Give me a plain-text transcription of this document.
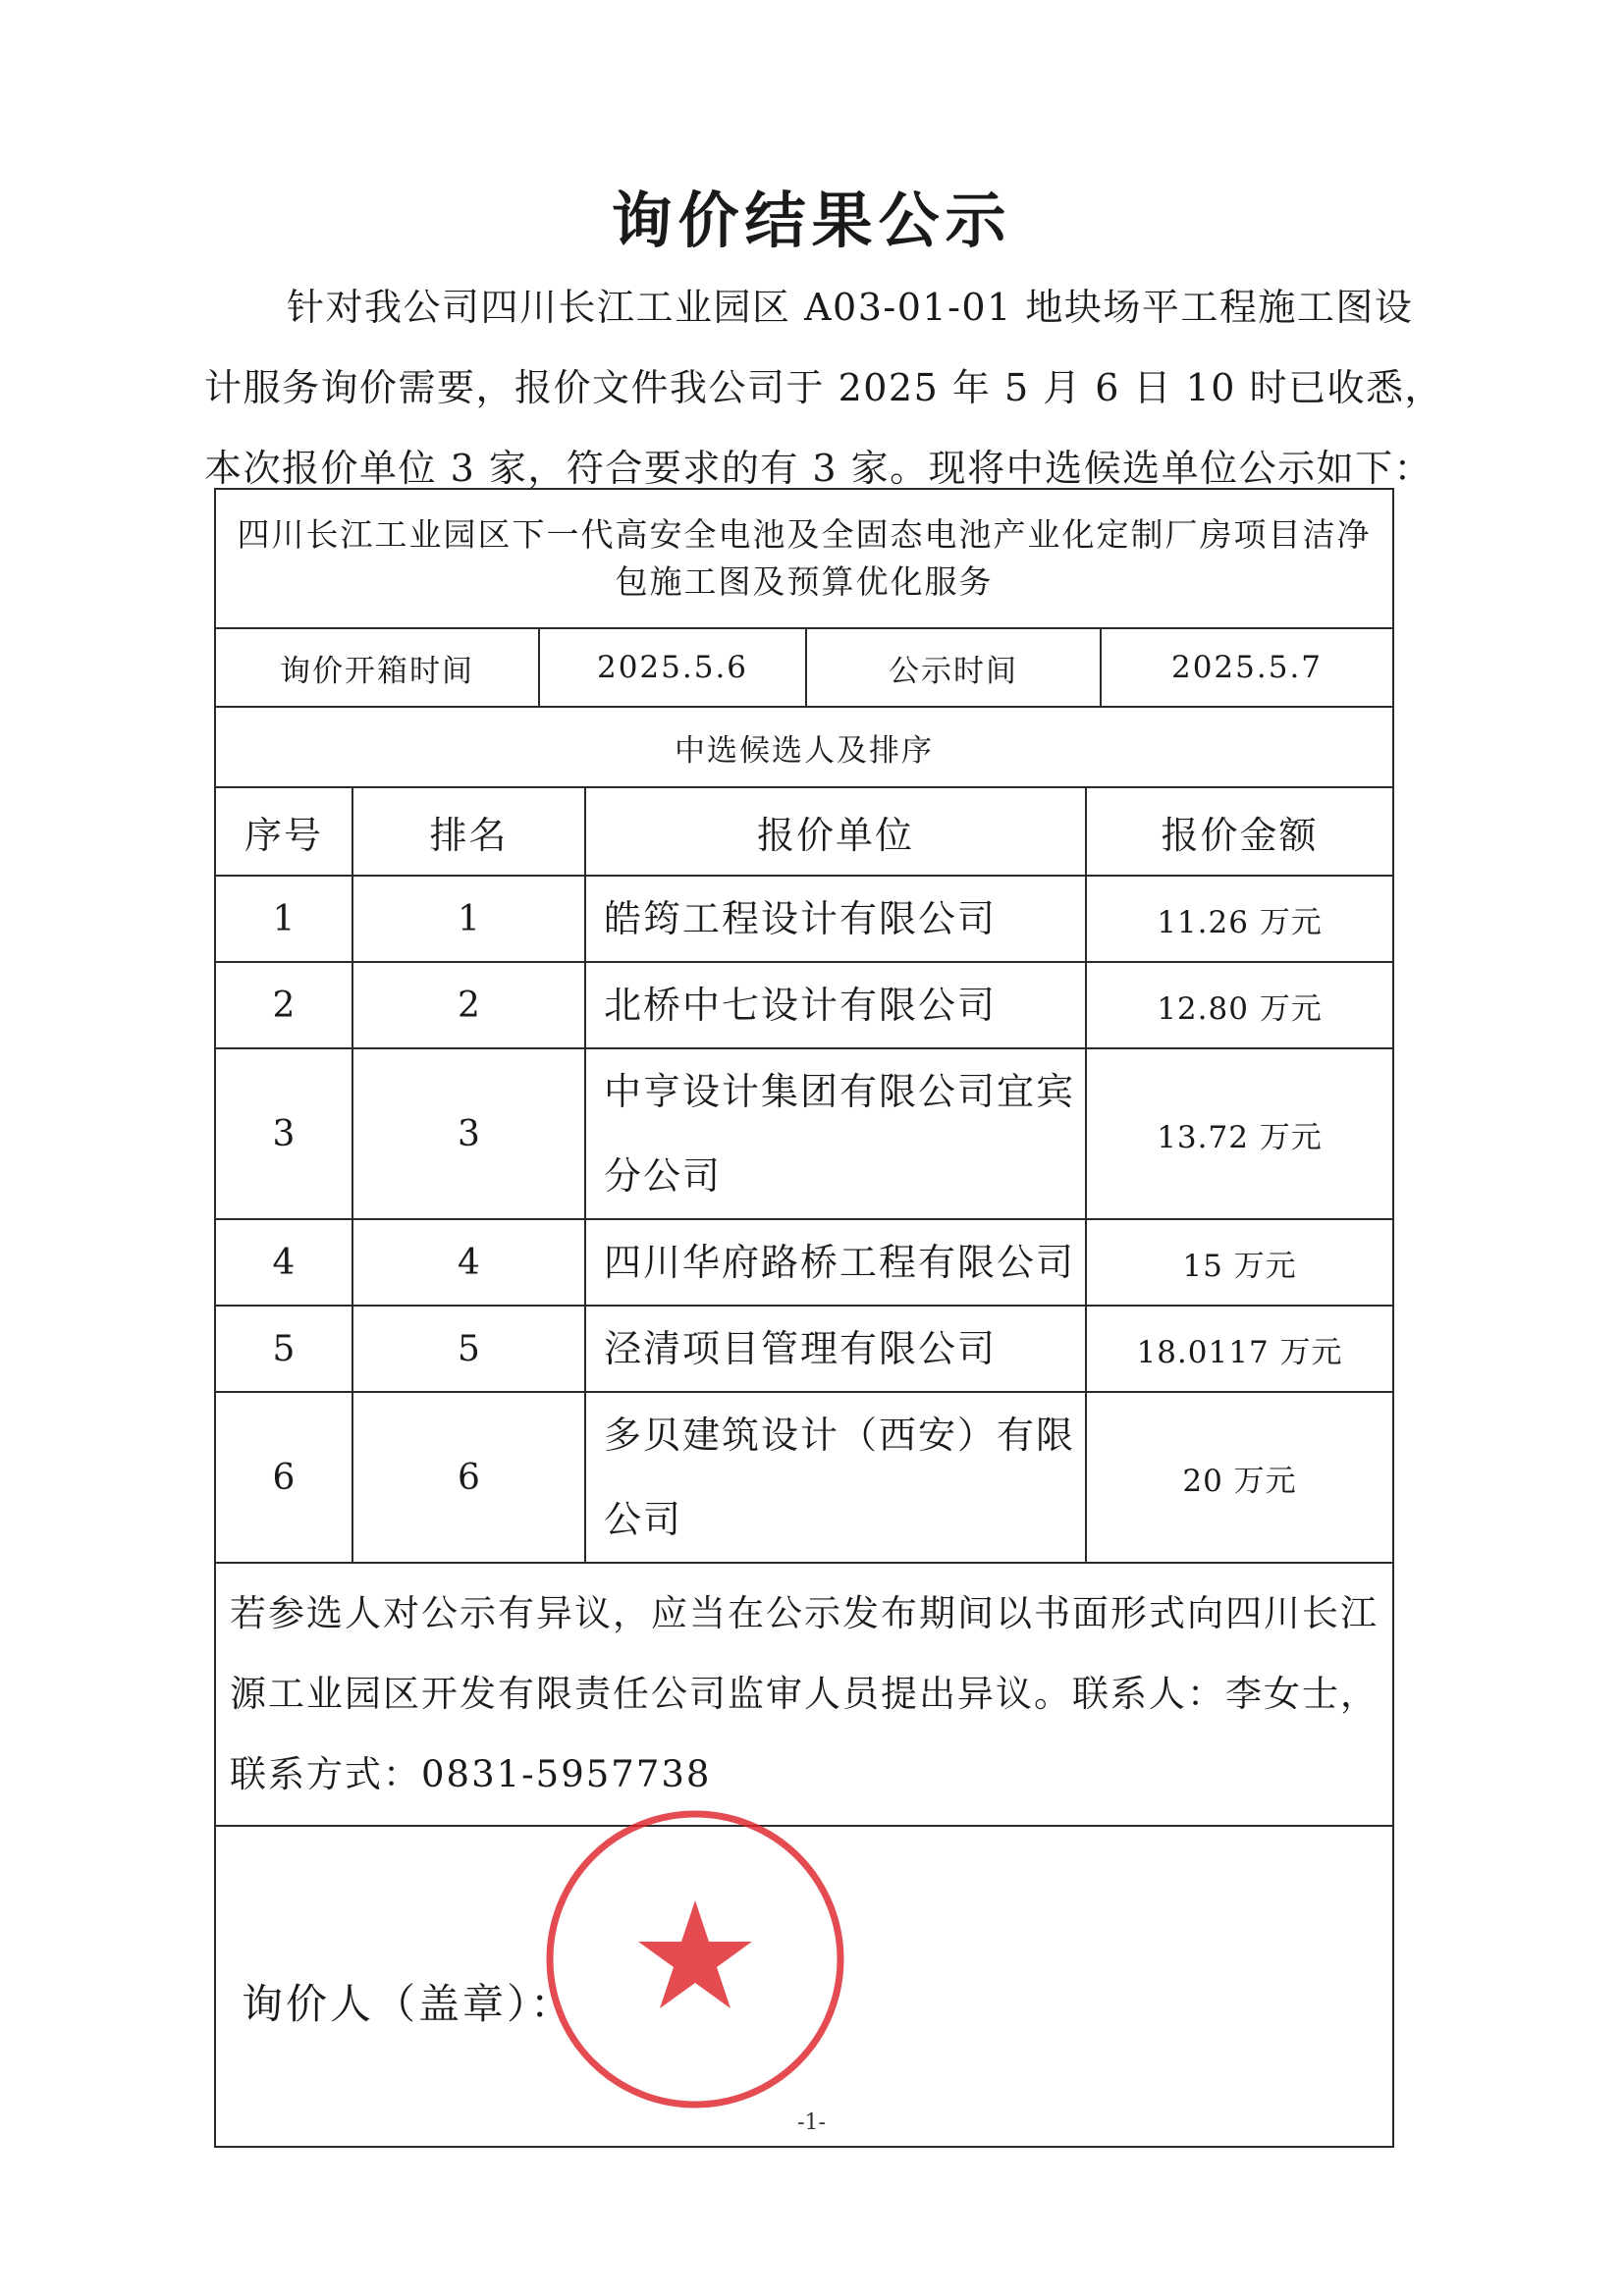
询价结果公示
针对我公司四川长江工业园区 A03-01-01 地块场平工程施工图设
计服务询价需要，报价文件我公司于 2025 年 5 月 6 日 10 时已收悉，
本次报价单位 3 家，符合要求的有 3 家。现将中选候选单位公示如下：
四川长江工业园区下一代高安全电池及全固态电池产业化定制厂房项目洁净
包施工图及预算优化服务
询价开箱时间	2025.5.6	公示时间	2025.5.7
中选候选人及排序			
序号	排名	报价单位	报价金额
1	1	皓筠工程设计有限公司	11.26 万元
2	2	北桥中七设计有限公司	12.80 万元
3	3	中亨设计集团有限公司宜宾
分公司	13.72 万元
4	4	四川华府路桥工程有限公司	15 万元
5	5	泾清项目管理有限公司	18.0117 万元
6	6	多贝建筑设计（西安）有限
公司	20 万元
若参选人对公示有异议，应当在公示发布期间以书面形式向四川长江
源工业园区开发有限责任公司监审人员提出异议。联系人：李女士，
联系方式：0831-5957738			

询价人（盖章）：			
-1-
